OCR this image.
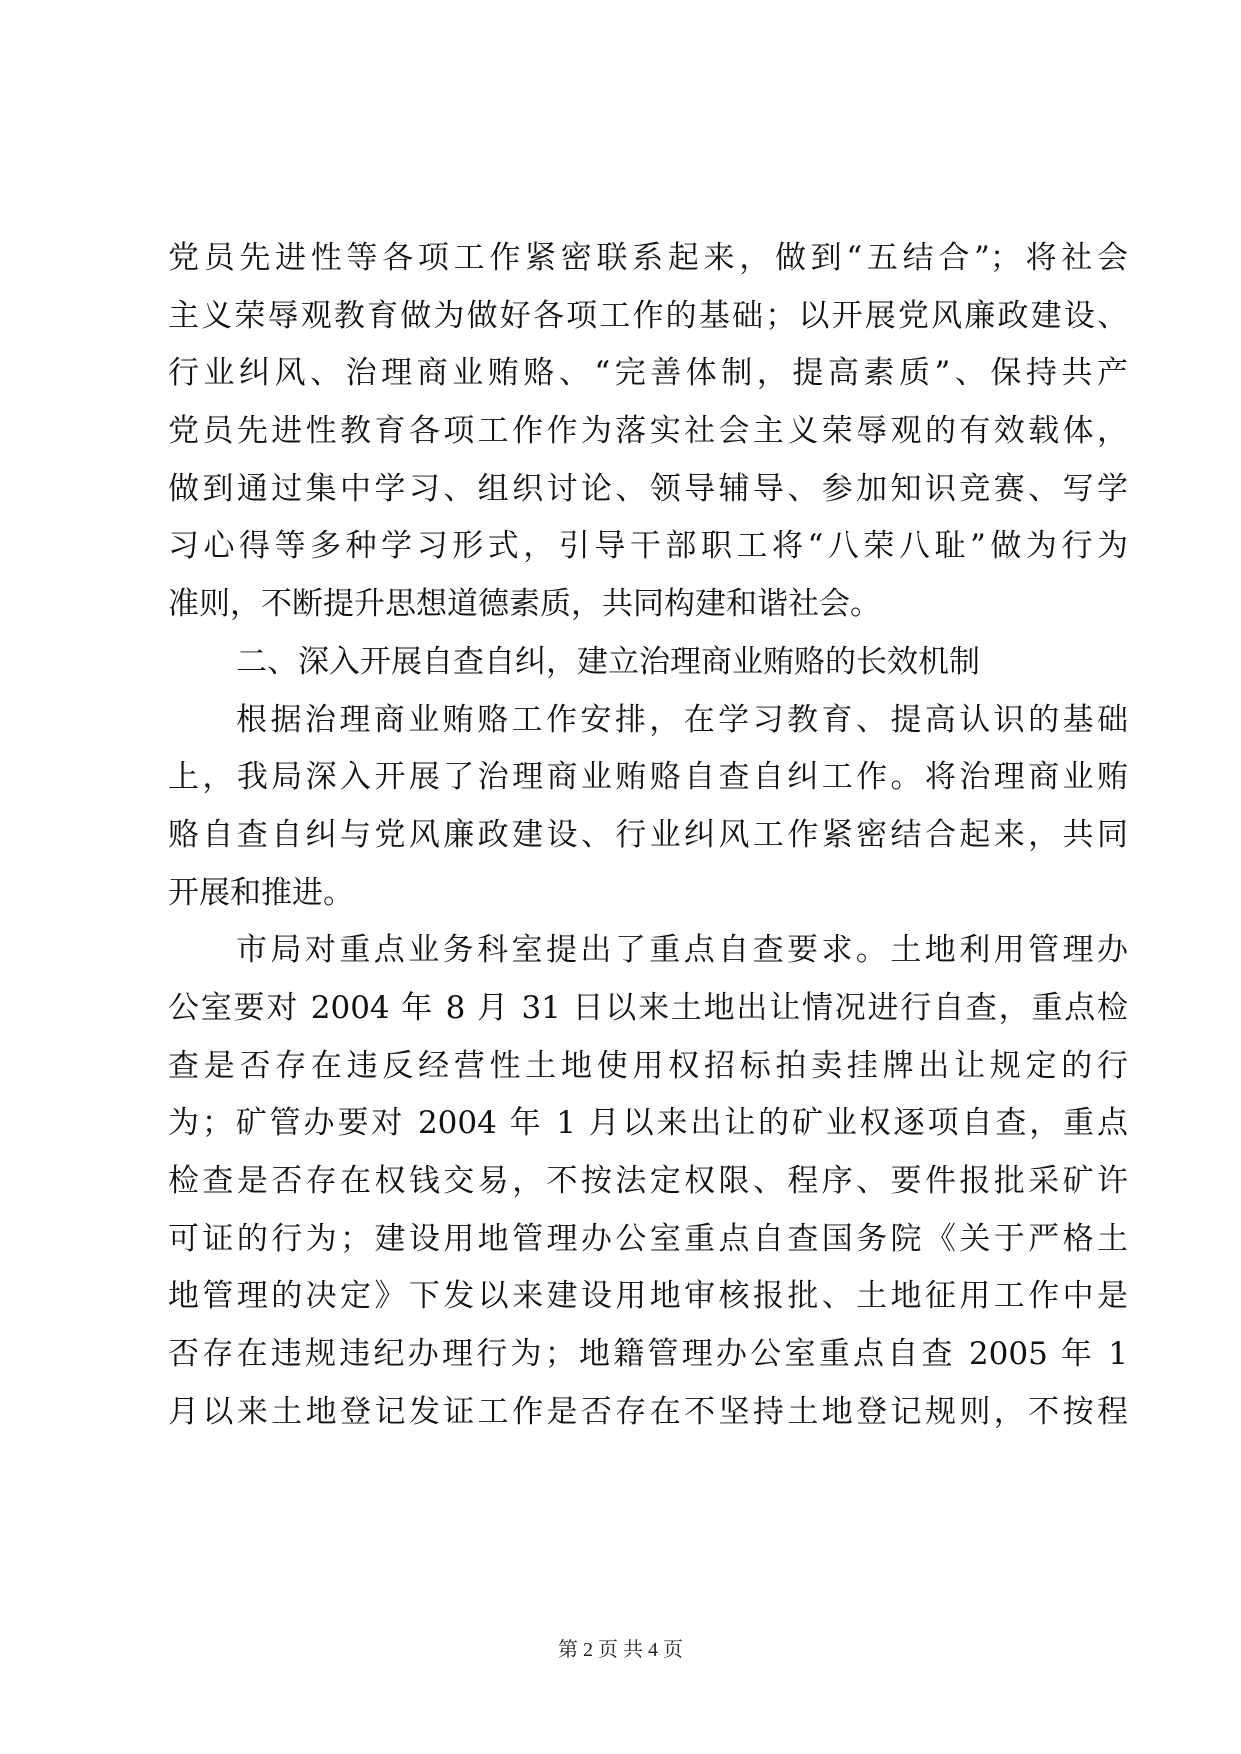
党员先进性等各项工作紧密联系起来，做到“五结合”；将社会
主义荣辱观教育做为做好各项工作的基础；以开展党风廉政建设、
行业纠风、治理商业贿赂、“完善体制，提高素质”、保持共产
党员先进性教育各项工作作为落实社会主义荣辱观的有效载体，
做到通过集中学习、组织讨论、领导辅导、参加知识竞赛、写学
习心得等多种学习形式，引导干部职工将“八荣八耻”做为行为
准则，不断提升思想道德素质，共同构建和谐社会。
二、深入开展自查自纠，建立治理商业贿赂的长效机制
根据治理商业贿赂工作安排，在学习教育、提高认识的基础
上，我局深入开展了治理商业贿赂自查自纠工作。将治理商业贿
赂自查自纠与党风廉政建设、行业纠风工作紧密结合起来，共同
开展和推进。
市局对重点业务科室提出了重点自查要求。土地利用管理办
公室要对 2004 年 8 月 31 日以来土地出让情况进行自查，重点检
查是否存在违反经营性土地使用权招标拍卖挂牌出让规定的行
为；矿管办要对 2004 年 1 月以来出让的矿业权逐项自查，重点
检查是否存在权钱交易，不按法定权限、程序、要件报批采矿许
可证的行为；建设用地管理办公室重点自查国务院《关于严格土
地管理的决定》下发以来建设用地审核报批、土地征用工作中是
否存在违规违纪办理行为；地籍管理办公室重点自查 2005 年 1
月以来土地登记发证工作是否存在不坚持土地登记规则，不按程
第 2 页 共 4 页
